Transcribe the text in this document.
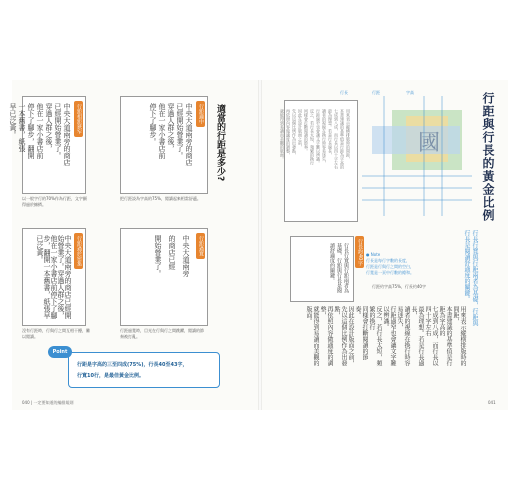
中央大道兩旁的商店
已經開始營業了。
穿過人群之後，
他在一家小書店前
停下了腳步，翻開
一本舊書，紙張
早已泛黃。	行距相距狹窄
以一般字行的70%作為行距，文字顯得過於擁擠。
中央大道兩旁的商店
已經開始營業了。
穿過人群之後，
他在一家小書店前
停下了腳步。	行距適中
把行距設為字高的75%，閱讀起來相當舒適。
適當的行距是多少?
中央大道兩旁的商店已經開始營業了。穿過人群之後，他在一家小書店前停下了腳步，翻開一本舊書，紙張早已泛黃。	行距過於密集
沒有行距時，行與行之間互相干擾，難以閱讀。
中央大道兩旁
的商店已經
開始營業了。	行距過寬
行距過寬時，目光在行與行之間跳躍，閱讀的節奏被打亂。
行距是字高的三至四成(75%)，行長40至43字，
行寬10行，是最佳黃金比例。
Point
040 | 一定要知道的編排規則
用來表示縱横排版時的間距，
本書建議的基準值是行距為字高的
七成到八成，而行長以四十字左右
最為理想。若是行長過長，
讀者的視線在換行時容易迷失，
行距過窄也會讓文字難以辨識。
反之，若行長太短，頻繁的換行
同樣會打斷閱讀的節奏。
因此在設計版面之前，
先以這個比例作為出發點，
再依照內容做適度的調整，
就能得到易讀而美觀的版面。	國
行長	行距	字高
行長行寬與行距兩者為基礎，行距與行長是閱讀舒適度的關鍵。	行長約40字 ● Note
行長是每行字數的長度，
行距是行與行之間的空白，
行寬是一頁中行數的總和。
行距約字高75%，行長約40字
行距與行長的黃金比例
行長行寬與行距兩者為基礎，行距與行長是閱讀舒適度的關鍵。
用來表示縱横排版時的間距，
本書建議的基準值是行距為字高的
七成到八成，而行長以四十字左右
最為理想。若是行長過長，
讀者的視線在換行時容易迷失，
行距過窄也會讓文字難以辨識。
反之，若行長太短，頻繁的換行
同樣會打斷閱讀的節奏。
因此在設計版面之前，
先以這個比例作為出發點，
再依照內容做適度的調整，
就能得到易讀而美觀的版面。
041
